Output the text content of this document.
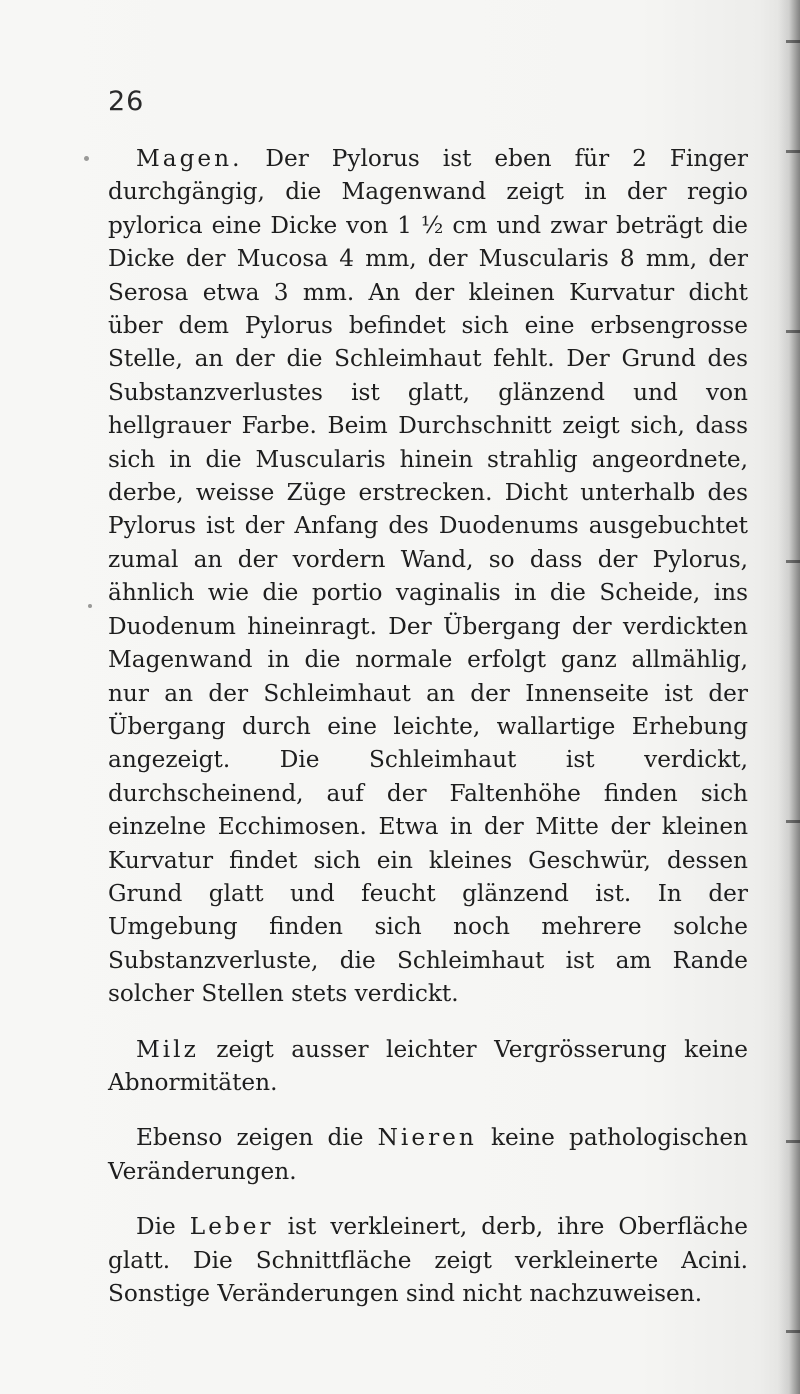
26

Magen. Der Pylorus ist eben für 2 Finger durchgängig, die Magenwand zeigt in der regio pylorica eine Dicke von 1 ½ cm und zwar beträgt die Dicke der Mucosa 4 mm, der Muscularis 8 mm, der Serosa etwa 3 mm. An der kleinen Kurvatur dicht über dem Pylorus befindet sich eine erbsengrosse Stelle, an der die Schleimhaut fehlt. Der Grund des Substanzverlustes ist glatt, glänzend und von hellgrauer Farbe. Beim Durchschnitt zeigt sich, dass sich in die Muscularis hinein strahlig angeordnete, derbe, weisse Züge erstrecken. Dicht unterhalb des Pylorus ist der Anfang des Duodenums ausgebuchtet zumal an der vordern Wand, so dass der Pylorus, ähnlich wie die portio vaginalis in die Scheide, ins Duodenum hineinragt. Der Übergang der verdickten Magenwand in die normale erfolgt ganz allmählig, nur an der Schleimhaut an der Innenseite ist der Übergang durch eine leichte, wallartige Erhebung angezeigt. Die Schleimhaut ist verdickt, durchscheinend, auf der Faltenhöhe finden sich einzelne Ecchimosen. Etwa in der Mitte der kleinen Kurvatur findet sich ein kleines Geschwür, dessen Grund glatt und feucht glänzend ist. In der Umgebung finden sich noch mehrere solche Substanzverluste, die Schleimhaut ist am Rande solcher Stellen stets verdickt.

Milz zeigt ausser leichter Vergrösserung keine Abnormitäten.

Ebenso zeigen die Nieren keine pathologischen Veränderungen.

Die Leber ist verkleinert, derb, ihre Oberfläche glatt. Die Schnittfläche zeigt verkleinerte Acini. Sonstige Veränderungen sind nicht nachzuweisen.
